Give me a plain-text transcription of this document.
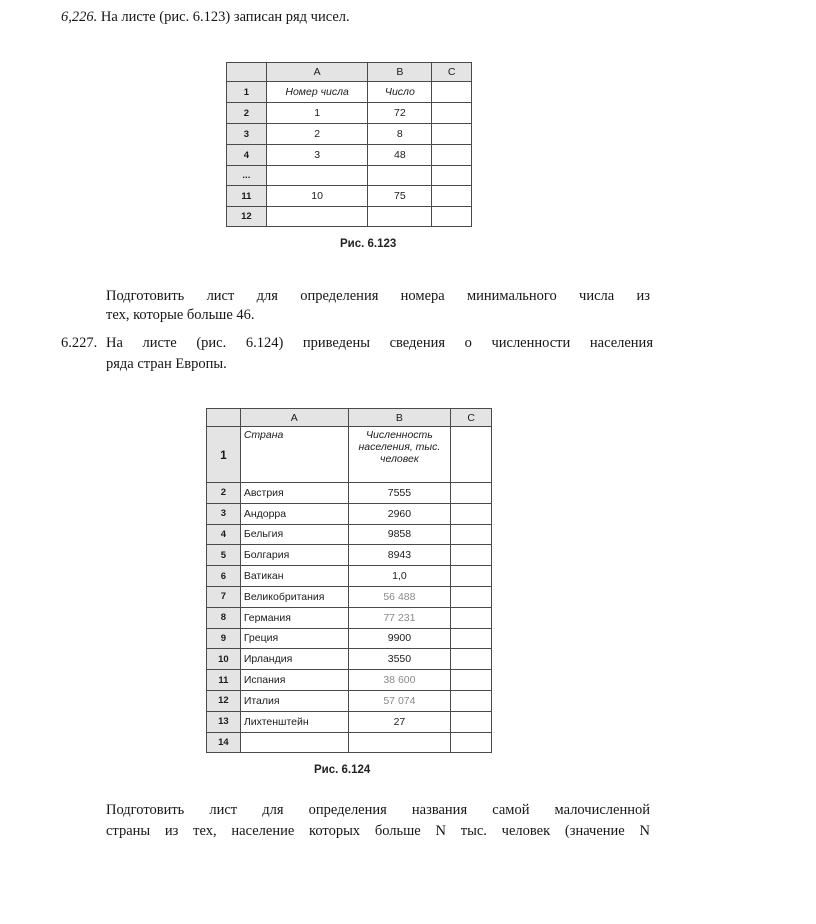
6,226. На листе (рис. 6.123) записан ряд чисел.
	A	B	C
1	Номер числа	Число	
2	1	72	
3	2	8	
4	3	48	
...			
11	10	75	
12			
Рис. 6.123
Подготовить лист для определения номера минимального числа из
тех, которые больше 46.
6.227. На листе (рис. 6.124) приведены сведения о численности населения
ряда стран Европы.
	A	B	C
1	Страна	Численность населения, тыс. человек	
2	Австрия	7555	
3	Андорра	2960	
4	Бельгия	9858	
5	Болгария	8943	
6	Ватикан	1,0	
7	Великобритания	56 488	
8	Германия	77 231	
9	Греция	9900	
10	Ирландия	3550	
11	Испания	38 600	
12	Италия	57 074	
13	Лихтенштейн	27	
14			
Рис. 6.124
Подготовить лист для определения названия самой малочисленной
страны из тех, население которых больше N тыс. человек (значение N
